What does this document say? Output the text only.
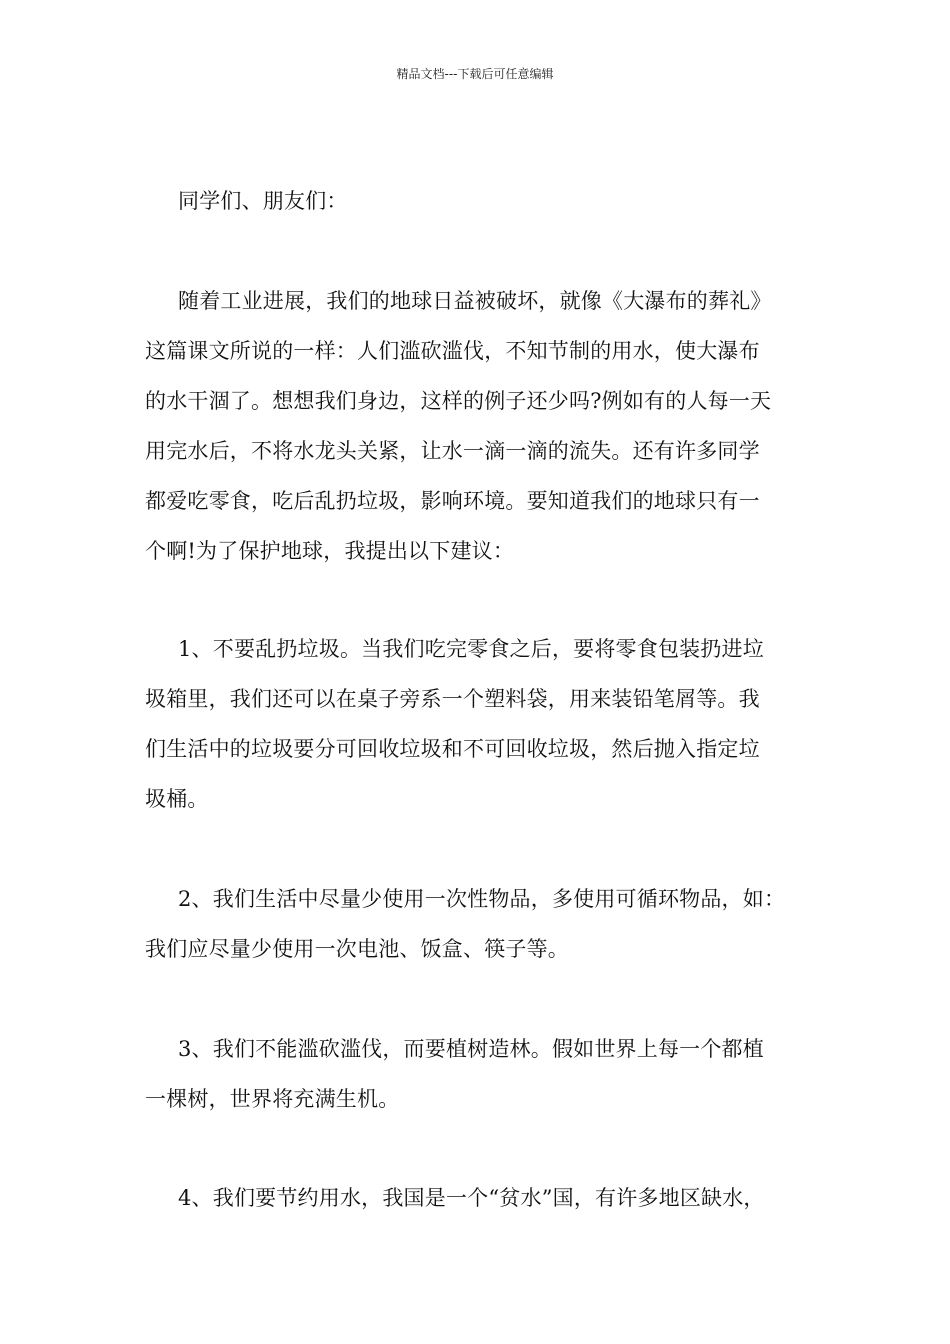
精品文档---下载后可任意编辑
同学们、朋友们：
随着工业进展，我们的地球日益被破坏，就像《大瀑布的葬礼》
这篇课文所说的一样：人们滥砍滥伐，不知节制的用水，使大瀑布
的水干涸了。想想我们身边，这样的例子还少吗?例如有的人每一天
用完水后，不将水龙头关紧，让水一滴一滴的流失。还有许多同学
都爱吃零食，吃后乱扔垃圾，影响环境。要知道我们的地球只有一
个啊!为了保护地球，我提出以下建议：
1、不要乱扔垃圾。当我们吃完零食之后，要将零食包装扔进垃
圾箱里，我们还可以在桌子旁系一个塑料袋，用来装铅笔屑等。我
们生活中的垃圾要分可回收垃圾和不可回收垃圾，然后抛入指定垃
圾桶。
2、我们生活中尽量少使用一次性物品，多使用可循环物品，如：
我们应尽量少使用一次电池、饭盒、筷子等。
3、我们不能滥砍滥伐，而要植树造林。假如世界上每一个都植
一棵树，世界将充满生机。
4、我们要节约用水，我国是一个“贫水”国，有许多地区缺水，
